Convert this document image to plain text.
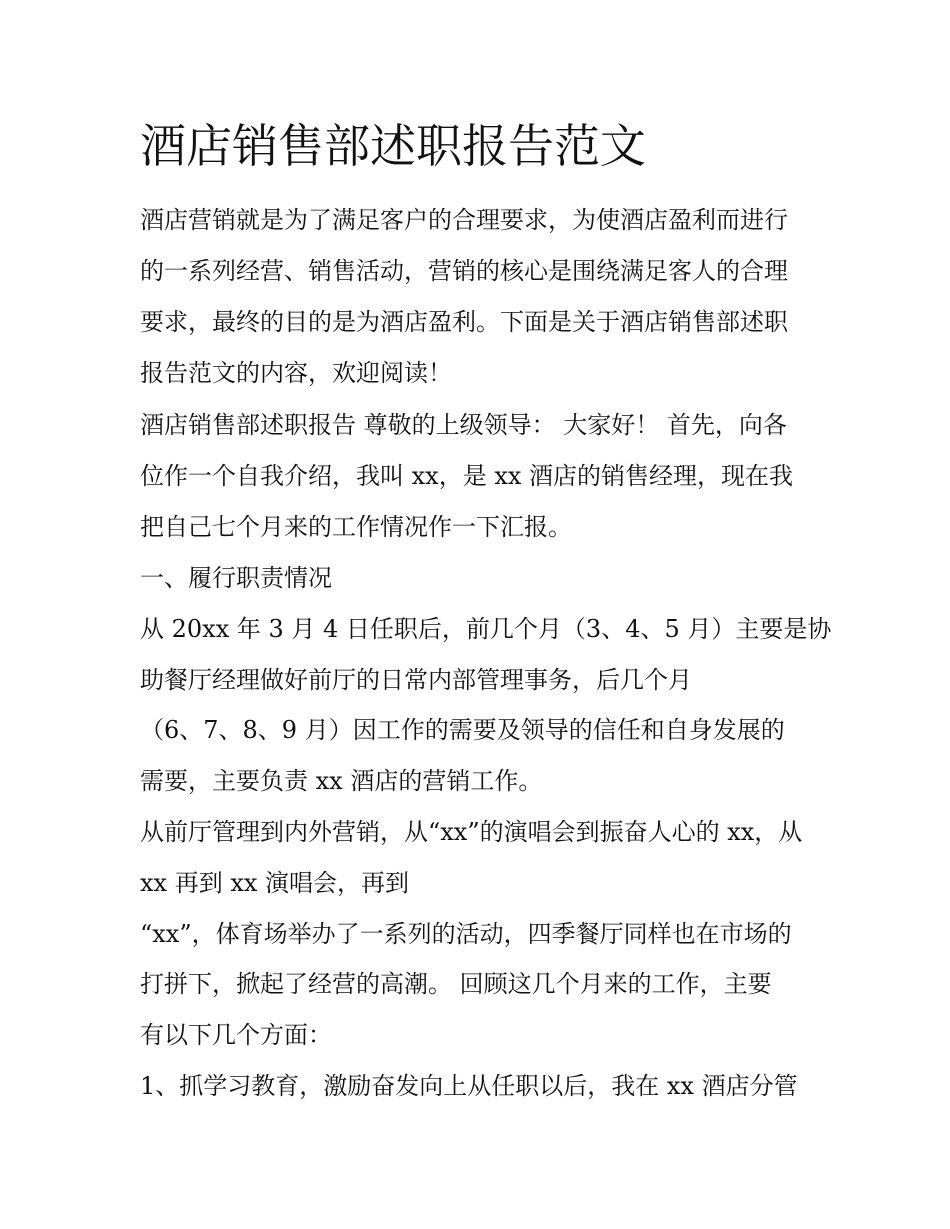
酒店销售部述职报告范文

酒店营销就是为了满足客户的合理要求，为使酒店盈利而进行

的一系列经营、销售活动，营销的核心是围绕满足客人的合理

要求，最终的目的是为酒店盈利。下面是关于酒店销售部述职

报告范文的内容，欢迎阅读！

酒店销售部述职报告 尊敬的上级领导： 大家好！ 首先，向各

位作一个自我介绍，我叫 xx，是 xx 酒店的销售经理，现在我

把自己七个月来的工作情况作一下汇报。

一、履行职责情况

从 20xx 年 3 月 4 日任职后，前几个月（3、4、5 月）主要是协

助餐厅经理做好前厅的日常内部管理事务，后几个月

（6、7、8、9 月）因工作的需要及领导的信任和自身发展的

需要，主要负责 xx 酒店的营销工作。

从前厅管理到内外营销，从“xx”的演唱会到振奋人心的 xx，从

xx 再到 xx 演唱会，再到

“xx”，体育场举办了一系列的活动，四季餐厅同样也在市场的

打拼下，掀起了经营的高潮。 回顾这几个月来的工作，主要

有以下几个方面：

1、抓学习教育，激励奋发向上从任职以后，我在 xx 酒店分管
